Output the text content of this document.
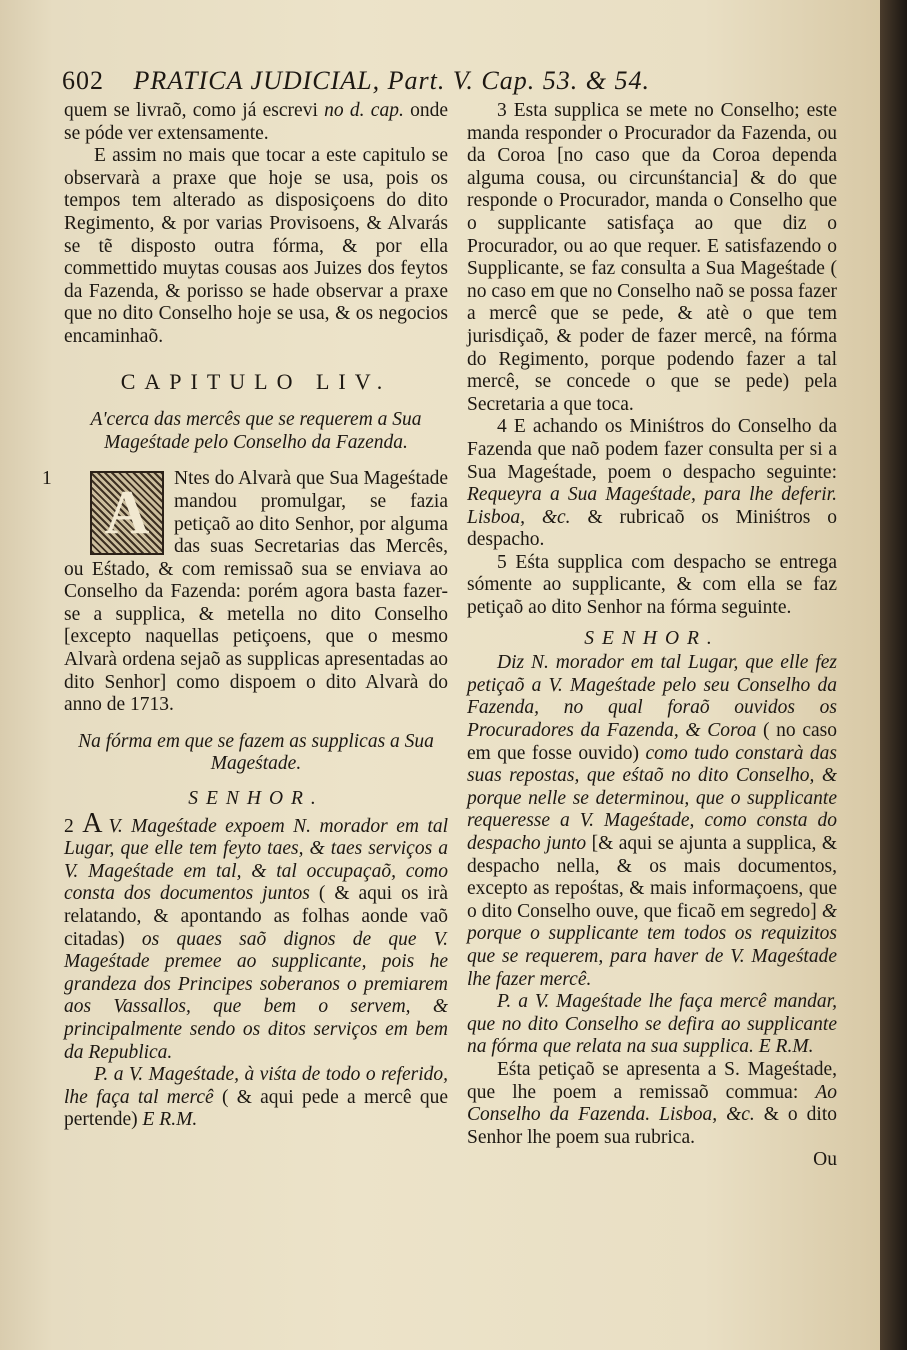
602 PRATICA JUDICIAL, Part. V. Cap. 53. & 54.

quem se livraõ, como já escrevi no d. cap. onde se póde ver extensamente.

E assim no mais que tocar a este capitulo se observarà a praxe que hoje se usa, pois os tempos tem alterado as disposiçoens do dito Regimento, & por varias Provisoens, & Alvarás se tẽ disposto outra fórma, & por ella commettido muytas cousas aos Juizes dos feytos da Fazenda, & porisso se hade observar a praxe que no dito Conselho hoje se usa, & os negocios encaminhaõ.

CAPITULO LIV.
A'cerca das mercês que se requerem a Sua Mageśtade pelo Conselho da Fazenda.
1
A

Ntes do Alvarà que Sua Mageśtade mandou promulgar, se fazia petiçaõ ao dito Senhor, por alguma das suas Secretarias das Mercês, ou Eśtado, & com remissaõ sua se enviava ao Conselho da Fazenda: porém agora basta fazer-se a supplica, & metella no dito Conselho [excepto naquellas petiçoens, que o mesmo Alvarà ordena sejaõ as supplicas apresentadas ao dito Senhor] como dispoem o dito Alvarà do anno de 1713.

Na fórma em que se fazem as supplicas a Sua Mageśtade.
SENHOR.

2 A V. Mageśtade expoem N. morador em tal Lugar, que elle tem feyto taes, & taes serviços a V. Mageśtade em tal, & tal occupaçaõ, como consta dos documentos juntos ( & aqui os irà relatando, & apontando as folhas aonde vaõ citadas) os quaes saõ dignos de que V. Mageśtade premee ao supplicante, pois he grandeza dos Principes soberanos o premiarem aos Vassallos, que bem o servem, & principalmente sendo os ditos serviços em bem da Republica.

P. a V. Mageśtade, à viśta de todo o referido, lhe faça tal mercê ( & aqui pede a mercê que pertende) E R.M.

3 Esta supplica se mete no Conselho; este manda responder o Procurador da Fazenda, ou da Coroa [no caso que da Coroa dependa alguma cousa, ou circunśtancia] & do que responde o Procurador, manda o Conselho que o supplicante satisfaça ao que diz o Procurador, ou ao que requer. E satisfazendo o Supplicante, se faz consulta a Sua Mageśtade ( no caso em que no Conselho naõ se possa fazer a mercê que se pede, & atè o que tem jurisdiçaõ, & poder de fazer mercê, na fórma do Regimento, porque podendo fazer a tal mercê, se concede o que se pede) pela Secretaria a que toca.

4 E achando os Miniśtros do Conselho da Fazenda que naõ podem fazer consulta per si a Sua Mageśtade, poem o despacho seguinte: Requeyra a Sua Mageśtade, para lhe deferir. Lisboa, &c. & rubricaõ os Miniśtros o despacho.

5 Eśta supplica com despacho se entrega sómente ao supplicante, & com ella se faz petiçaõ ao dito Senhor na fórma seguinte.

SENHOR.

Diz N. morador em tal Lugar, que elle fez petiçaõ a V. Mageśtade pelo seu Conselho da Fazenda, no qual foraõ ouvidos os Procuradores da Fazenda, & Coroa ( no caso em que fosse ouvido) como tudo constarà das suas repostas, que eśtaõ no dito Conselho, & porque nelle se determinou, que o supplicante requeresse a V. Mageśtade, como consta do despacho junto [& aqui se ajunta a supplica, & despacho nella, & os mais documentos, excepto as repośtas, & mais informaçoens, que o dito Conselho ouve, que ficaõ em segredo] & porque o supplicante tem todos os requizitos que se requerem, para haver de V. Mageśtade lhe fazer mercê.

P. a V. Mageśtade lhe faça mercê mandar, que no dito Conselho se defira ao supplicante na fórma que relata na sua supplica. E R.M.

Eśta petiçaõ se apresenta a S. Mageśtade, que lhe poem a remissaõ commua: Ao Conselho da Fazenda. Lisboa, &c. & o dito Senhor lhe poem sua rubrica.

Ou
